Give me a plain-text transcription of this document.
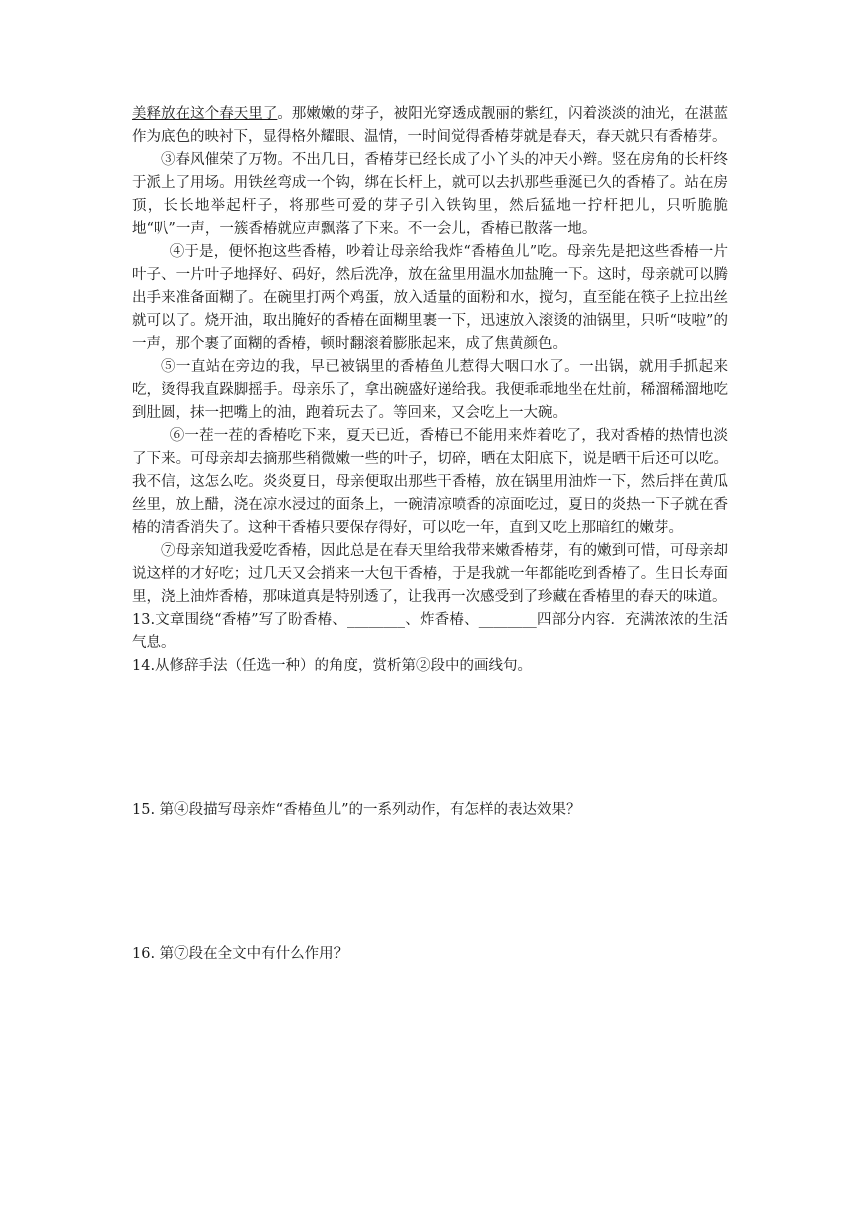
美释放在这个春天里了。那嫩嫩的芽子，被阳光穿透成靓丽的紫红，闪着淡淡的油光，在湛蓝作为底色的映衬下，显得格外耀眼、温情，一时间觉得香椿芽就是春天，春天就只有香椿芽。

③春风催荣了万物。不出几日，香椿芽已经长成了小丫头的冲天小辫。竖在房角的长杆终于派上了用场。用铁丝弯成一个钩，绑在长杆上，就可以去扒那些垂涎已久的香椿了。站在房顶，长长地举起杆子，将那些可爱的芽子引入铁钩里，然后猛地一拧杆把儿，只听脆脆地“叭”一声，一簇香椿就应声飘落了下来。不一会儿，香椿已散落一地。

④于是，便怀抱这些香椿，吵着让母亲给我炸“香椿鱼儿”吃。母亲先是把这些香椿一片叶子、一片叶子地择好、码好，然后洗净，放在盆里用温水加盐腌一下。这时，母亲就可以腾出手来准备面糊了。在碗里打两个鸡蛋，放入适量的面粉和水，搅匀，直至能在筷子上拉出丝就可以了。烧开油，取出腌好的香椿在面糊里裹一下，迅速放入滚烫的油锅里，只听“吱啦”的一声，那个裹了面糊的香椿，顿时翻滚着膨胀起来，成了焦黄颜色。

⑤一直站在旁边的我，早已被锅里的香椿鱼儿惹得大咽口水了。一出锅，就用手抓起来吃，烫得我直跺脚摇手。母亲乐了，拿出碗盛好递给我。我便乖乖地坐在灶前，稀溜稀溜地吃到肚圆，抹一把嘴上的油，跑着玩去了。等回来，又会吃上一大碗。

⑥一茬一茬的香椿吃下来，夏天已近，香椿已不能用来炸着吃了，我对香椿的热情也淡了下来。可母亲却去摘那些稍微嫩一些的叶子，切碎，晒在太阳底下，说是晒干后还可以吃。我不信，这怎么吃。炎炎夏日，母亲便取出那些干香椿，放在锅里用油炸一下，然后拌在黄瓜丝里，放上醋，浇在凉水浸过的面条上，一碗清凉喷香的凉面吃过，夏日的炎热一下子就在香椿的清香消失了。这种干香椿只要保存得好，可以吃一年，直到又吃上那暗红的嫩芽。

⑦母亲知道我爱吃香椿，因此总是在春天里给我带来嫩香椿芽，有的嫩到可惜，可母亲却说这样的才好吃；过几天又会捎来一大包干香椿，于是我就一年都能吃到香椿了。生日长寿面里，浇上油炸香椿，那味道真是特别透了，让我再一次感受到了珍藏在香椿里的春天的味道。

13.文章围绕“香椿”写了盼香椿、________、炸香椿、________四部分内容．充满浓浓的生活气息。

14.从修辞手法（任选一种）的角度，赏析第②段中的画线句。

15. 第④段描写母亲炸“香椿鱼儿”的一系列动作，有怎样的表达效果？

16. 第⑦段在全文中有什么作用？
